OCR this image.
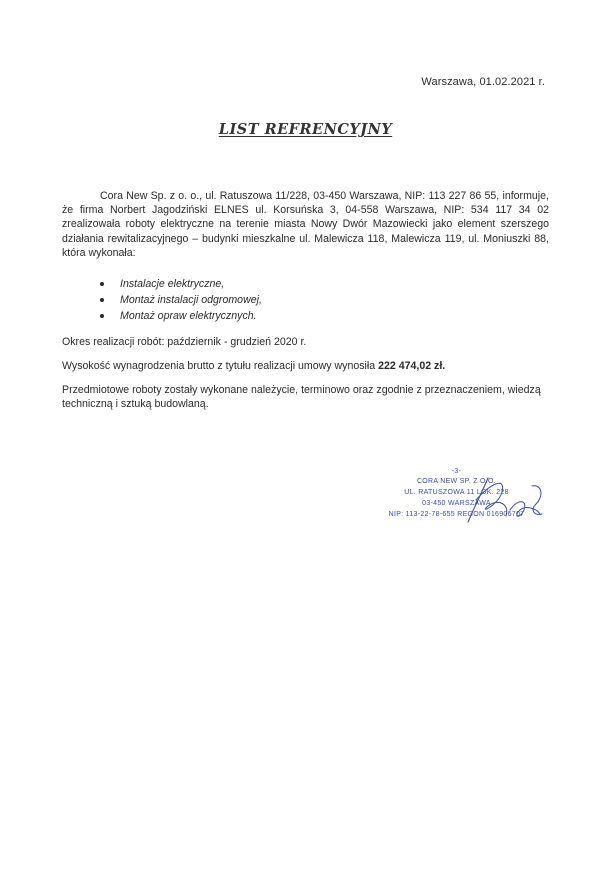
Warszawa, 01.02.2021 r.
LIST REFRENCYJNY
Cora New Sp. z o. o., ul. Ratuszowa 11/228, 03-450 Warszawa, NIP: 113 227 86 55, informuje, że firma Norbert Jagodziński ELNES ul. Korsuńska 3, 04-558 Warszawa, NIP: 534 117 34 02 zrealizowała roboty elektryczne na terenie miasta Nowy Dwór Mazowiecki jako element szerszego działania rewitalizacyjnego – budynki mieszkalne ul. Malewicza 118, Malewicza 119, ul. Moniuszki 88, która wykonała:
Instalacje elektryczne,
Montaż instalacji odgromowej,
Montaż opraw elektrycznych.
Okres realizacji robót: październik - grudzień 2020 r.
Wysokość wynagrodzenia brutto z tytułu realizacji umowy wynosiła 222 474,02 zł.
Przedmiotowe roboty zostały wykonane należycie, terminowo oraz zgodnie z przeznaczeniem, wiedzą techniczną i sztuką budowlaną.
-3-
CORA NEW SP. Z O.O.
UL. RATUSZOWA 11 LOK. 228
03-450 WARSZAWA
NIP: 113-22-78-655 REGON 016906707
